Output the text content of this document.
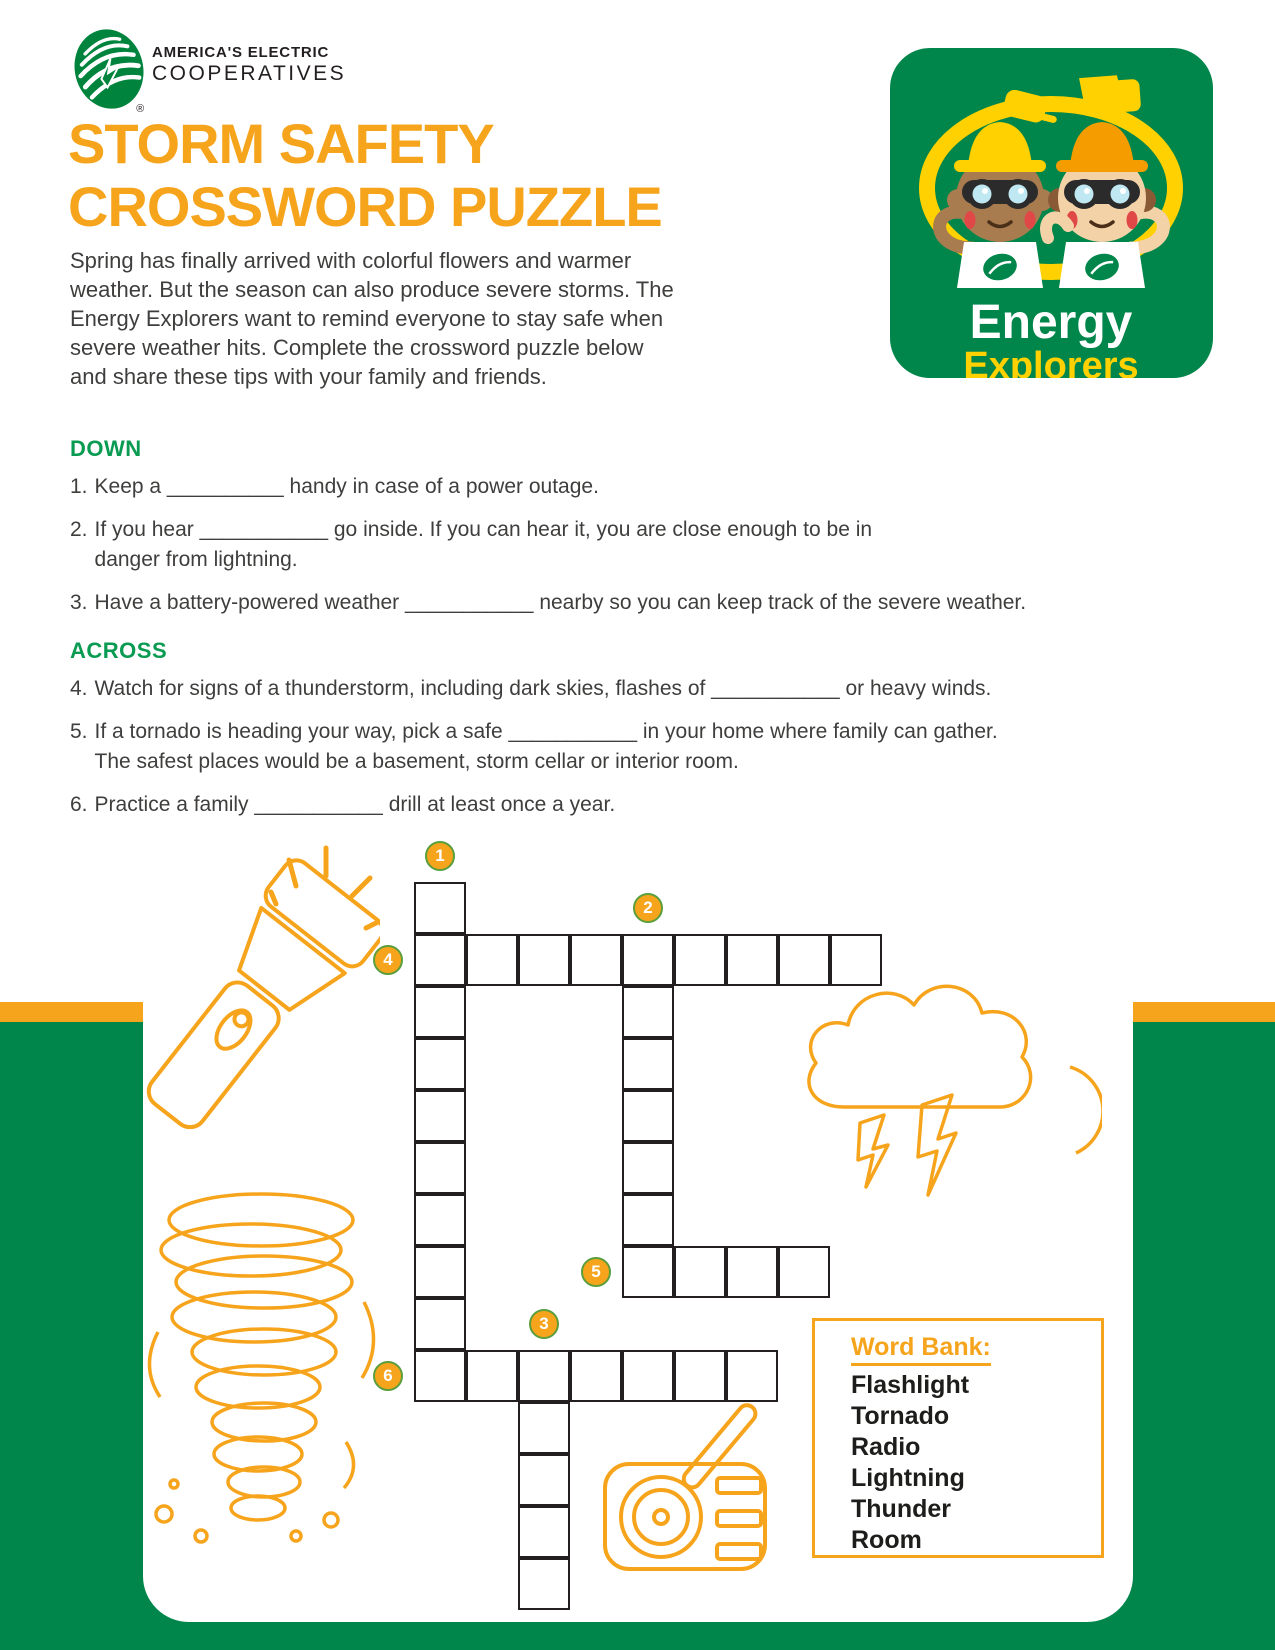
®
AMERICA'S ELECTRIC
COOPERATIVES
STORM SAFETY
CROSSWORD PUZZLE
Spring has finally arrived with colorful flowers and warmer
weather. But the season can also produce severe storms. The
Energy Explorers want to remind everyone to stay safe when
severe weather hits. Complete the crossword puzzle below
and share these tips with your family and friends.
DOWN
1. Keep a __________ handy in case of a power outage.
2. If you hear ___________ go inside. If you can hear it, you are close enough to be in
danger from lightning.
3. Have a battery-powered weather ___________ nearby so you can keep track of the severe weather.
ACROSS
4. Watch for signs of a thunderstorm, including dark skies, flashes of ___________ or heavy winds.
5. If a tornado is heading your way, pick a safe ___________ in your home where family can gather.
The safest places would be a basement, storm cellar or interior room.
6. Practice a family ___________ drill at least once a year.
1
2
3
4
5
6
Word Bank:
Flashlight
Tornado
Radio
Lightning
Thunder
Room
Energy
Explorers
